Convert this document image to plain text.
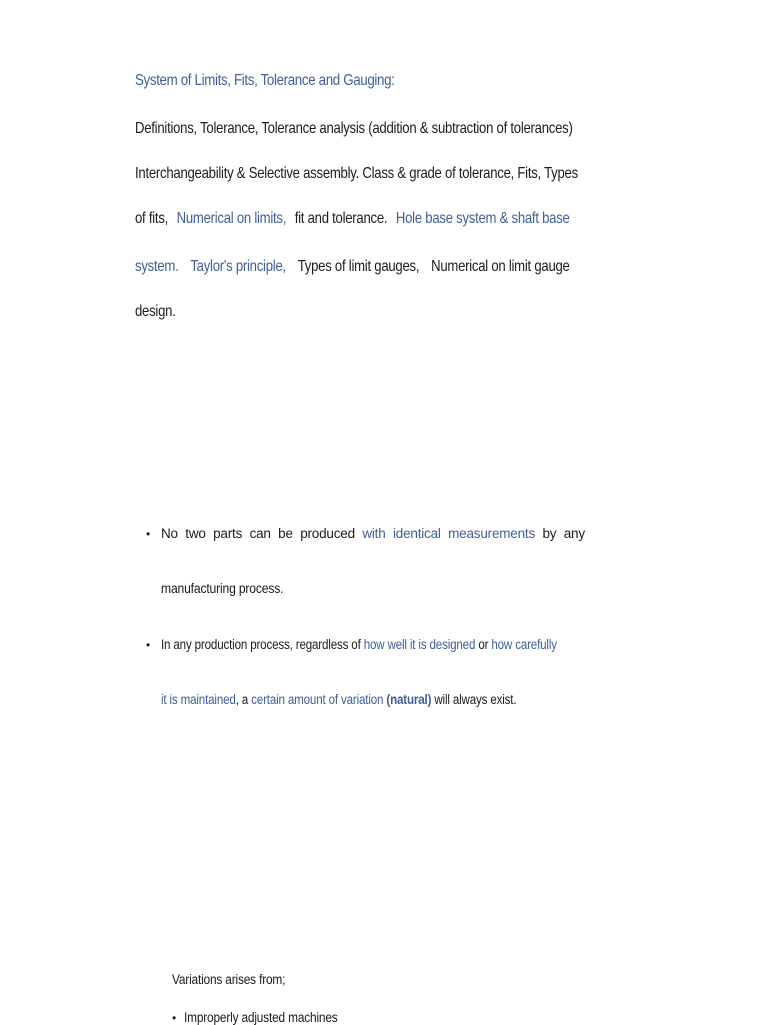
System of Limits, Fits, Tolerance and Gauging:
Definitions, Tolerance, Tolerance analysis (addition & subtraction of tolerances)
Interchangeability & Selective assembly. Class & grade of tolerance, Fits, Types
of fits, Numerical on limits, fit and tolerance. Hole base system & shaft base
system. Taylor's principle, Types of limit gauges, Numerical on limit gauge
design.
• No two parts can be produced with identical measurements by any
manufacturing process.
• In any production process, regardless of how well it is designed or how carefully
it is maintained, a certain amount of variation (natural) will always exist.
Variations arises from;
• Improperly adjusted machines
